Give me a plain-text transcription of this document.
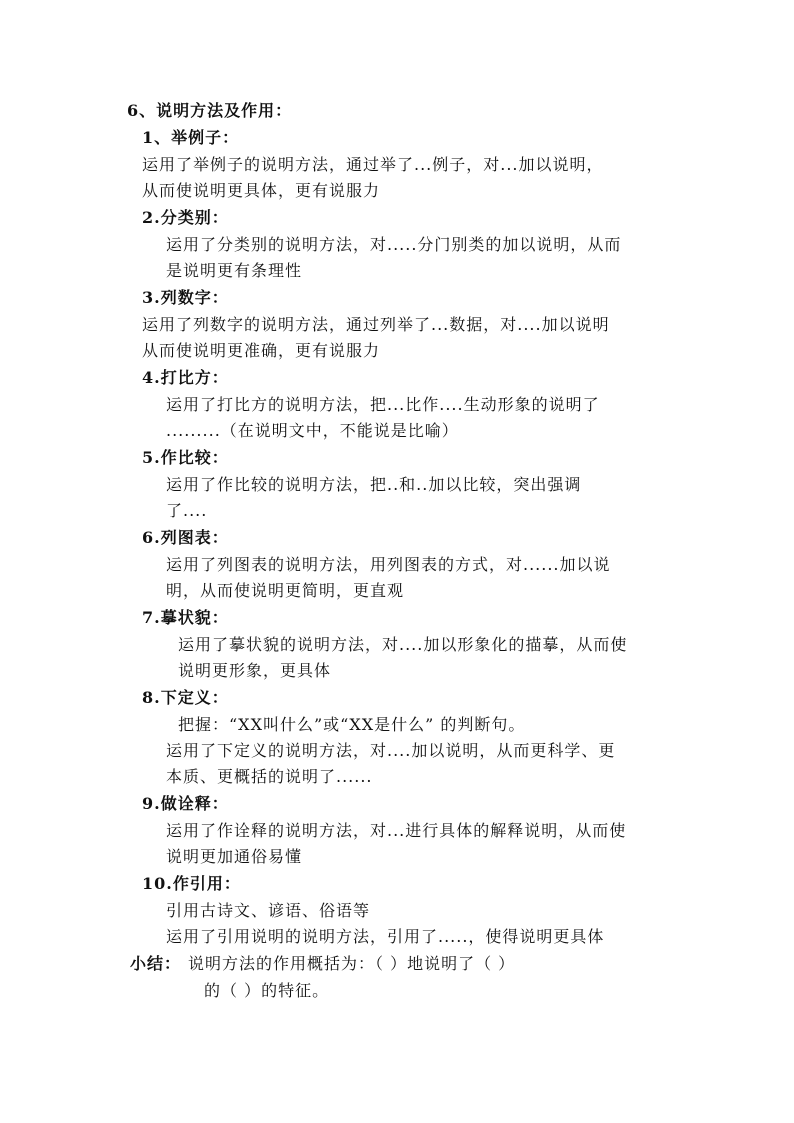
6、说明方法及作用：
1、举例子：
运用了举例子的说明方法，通过举了...例子，对...加以说明，
从而使说明更具体，更有说服力
2.分类别：
运用了分类别的说明方法，对.....分门别类的加以说明，从而
是说明更有条理性
3.列数字：
运用了列数字的说明方法，通过列举了...数据，对....加以说明
从而使说明更准确，更有说服力
4.打比方：
运用了打比方的说明方法，把...比作....生动形象的说明了
.........（在说明文中，不能说是比喻）
5.作比较：
运用了作比较的说明方法，把..和..加以比较，突出强调
了....
6.列图表：
运用了列图表的说明方法，用列图表的方式，对......加以说
明，从而使说明更简明，更直观
7.摹状貌：
运用了摹状貌的说明方法，对....加以形象化的描摹，从而使
说明更形象，更具体
8.下定义：
把握：“XX叫什么”或“XX是什么” 的判断句。
运用了下定义的说明方法，对....加以说明，从而更科学、更
本质、更概括的说明了......
9.做诠释：
运用了作诠释的说明方法，对...进行具体的解释说明，从而使
说明更加通俗易懂
10.作引用：
引用古诗文、谚语、俗语等
运用了引用说明的说明方法，引用了.....，使得说明更具体
小结： 说明方法的作用概括为：（ ）地说明了（ ）
的（ ）的特征。
